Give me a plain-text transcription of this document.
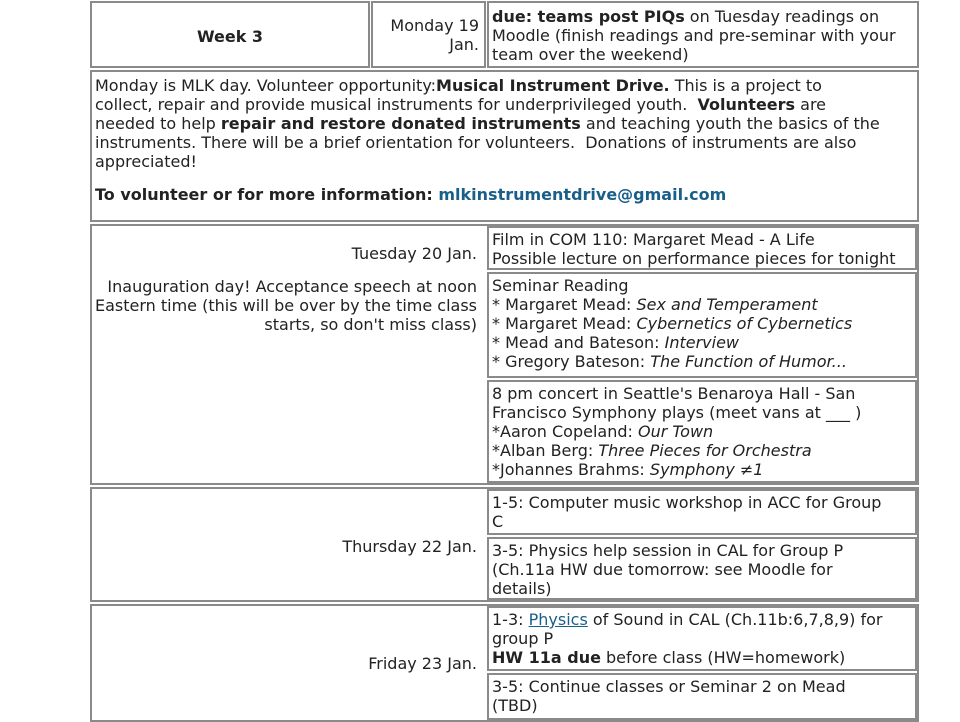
Week 3
Monday 19
Jan.
due: teams post PIQs on Tuesday readings on
Moodle (finish readings and pre-seminar with your
team over the weekend)
Monday is MLK day. Volunteer opportunity:Musical Instrument Drive. This is a project to
collect, repair and provide musical instruments for underprivileged youth.  Volunteers are
needed to help repair and restore donated instruments and teaching youth the basics of the
instruments. There will be a brief orientation for volunteers.  Donations of instruments are also
appreciated!
To volunteer or for more information: mlkinstrumentdrive@gmail.com
Tuesday 20 Jan.
Inauguration day! Acceptance speech at noon
Eastern time (this will be over by the time class
starts, so don't miss class)
Film in COM 110: Margaret Mead - A Life
Possible lecture on performance pieces for tonight
Seminar Reading
* Margaret Mead: Sex and Temperament
* Margaret Mead: Cybernetics of Cybernetics
* Mead and Bateson: Interview
* Gregory Bateson: The Function of Humor...
8 pm concert in Seattle's Benaroya Hall - San
Francisco Symphony plays (meet vans at ___ )
*Aaron Copeland: Our Town
*Alban Berg: Three Pieces for Orchestra
*Johannes Brahms: Symphony ≠1
Thursday 22 Jan.
1-5: Computer music workshop in ACC for Group
C
3-5: Physics help session in CAL for Group P
(Ch.11a HW due tomorrow: see Moodle for
details)
Friday 23 Jan.
1-3: Physics of Sound in CAL (Ch.11b:6,7,8,9) for
group P
HW 11a due before class (HW=homework)
3-5: Continue classes or Seminar 2 on Mead
(TBD)
